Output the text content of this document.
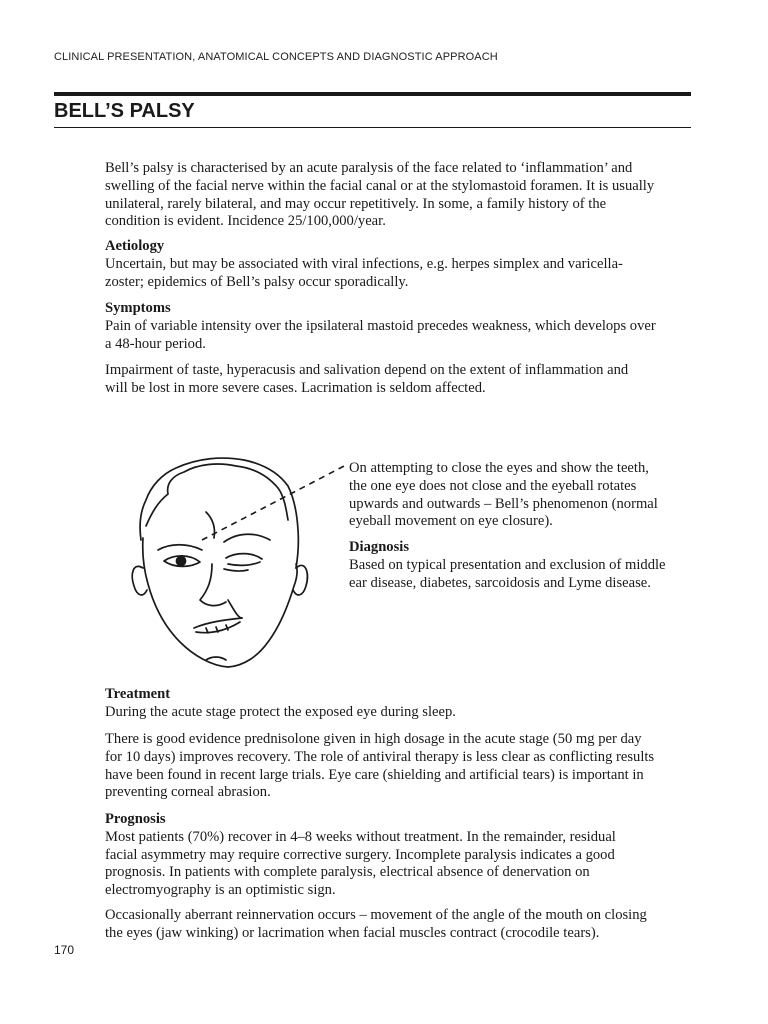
CLINICAL PRESENTATION, ANATOMICAL CONCEPTS AND DIAGNOSTIC APPROACH
BELL’S PALSY
Bell’s palsy is characterised by an acute paralysis of the face related to ‘inflammation’ and
swelling of the facial nerve within the facial canal or at the stylomastoid foramen. It is usually
unilateral, rarely bilateral, and may occur repetitively. In some, a family history of the
condition is evident. Incidence 25/100,000/year.
Aetiology
Uncertain, but may be associated with viral infections, e.g. herpes simplex and varicella-
zoster; epidemics of Bell’s palsy occur sporadically.
Symptoms
Pain of variable intensity over the ipsilateral mastoid precedes weakness, which develops over
a 48-hour period.
Impairment of taste, hyperacusis and salivation depend on the extent of inflammation and
will be lost in more severe cases. Lacrimation is seldom affected.
On attempting to close the eyes and show the teeth,
the one eye does not close and the eyeball rotates
upwards and outwards – Bell’s phenomenon (normal
eyeball movement on eye closure).
Diagnosis
Based on typical presentation and exclusion of middle
ear disease, diabetes, sarcoidosis and Lyme disease.
Treatment
During the acute stage protect the exposed eye during sleep.
There is good evidence prednisolone given in high dosage in the acute stage (50 mg per day
for 10 days) improves recovery. The role of antiviral therapy is less clear as conflicting results
have been found in recent large trials. Eye care (shielding and artificial tears) is important in
preventing corneal abrasion.
Prognosis
Most patients (70%) recover in 4–8 weeks without treatment. In the remainder, residual
facial asymmetry may require corrective surgery. Incomplete paralysis indicates a good
prognosis. In patients with complete paralysis, electrical absence of denervation on
electromyography is an optimistic sign.
Occasionally aberrant reinnervation occurs – movement of the angle of the mouth on closing
the eyes (jaw winking) or lacrimation when facial muscles contract (crocodile tears).
170
